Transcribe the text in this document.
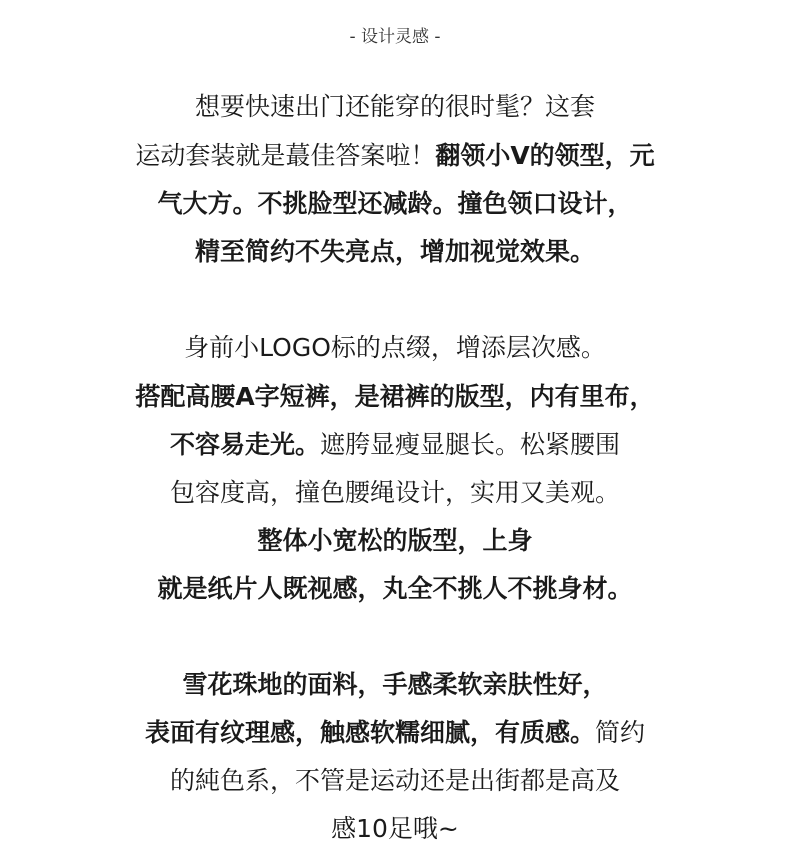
- 设计灵感 -
想要快速出门还能穿的很时髦？这套
运动套装就是蕞佳答案啦！翻领小V的领型，元
气大方。不挑脸型还减龄。撞色领口设计，
精至简约不失亮点，增加视觉效果。
身前小LOGO标的点缀，增添层次感。
搭配高腰A字短裤，是裙裤的版型，内有里布，
不容易走光。遮胯显瘦显腿长。松紧腰围
包容度高，撞色腰绳设计，实用又美观。
整体小宽松的版型，上身
就是纸片人既视感，丸全不挑人不挑身材。
雪花珠地的面料，手感柔软亲肤性好，
表面有纹理感，触感软糯细腻，有质感。简约
的純色系，不管是运动还是出街都是高及
感10足哦~
